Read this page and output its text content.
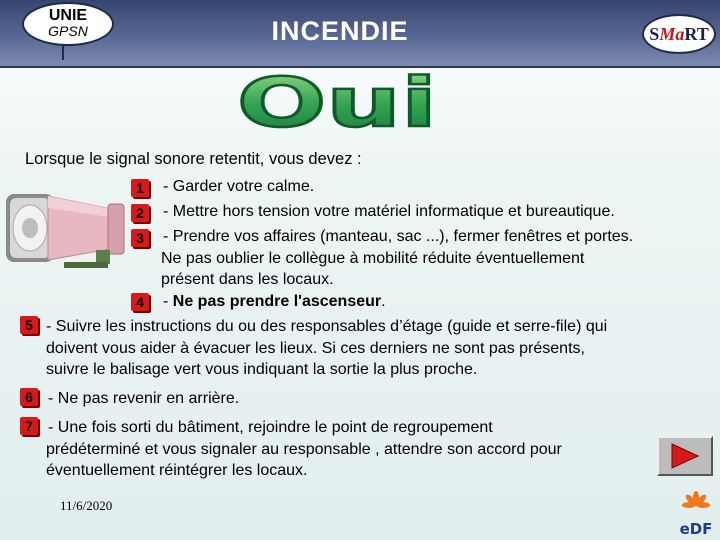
UNIE
GPSN	INCENDIE	SMaRT
Oui
Lorsque le signal sonore retentit, vous devez :
1	- Garder votre calme.
2	- Mettre hors tension votre matériel informatique et bureautique.
3	- Prendre vos affaires (manteau, sac ...), fermer fenêtres et portes.
Ne pas oublier le collègue à mobilité réduite éventuellement
présent dans les locaux.
4	- Ne pas prendre l'ascenseur.
5 - Suivre les instructions du ou des responsables d’étage (guide et serre-file) qui
doivent vous aider à évacuer les lieux. Si ces derniers ne sont pas présents,
suivre le balisage vert vous indiquant la sortie la plus proche.
6 - Ne pas revenir en arrière.
7 - Une fois sorti du bâtiment, rejoindre le point de regroupement
prédéterminé et vous signaler au responsable , attendre son accord pour
éventuellement réintégrer les locaux.
11/6/2020
eDF
